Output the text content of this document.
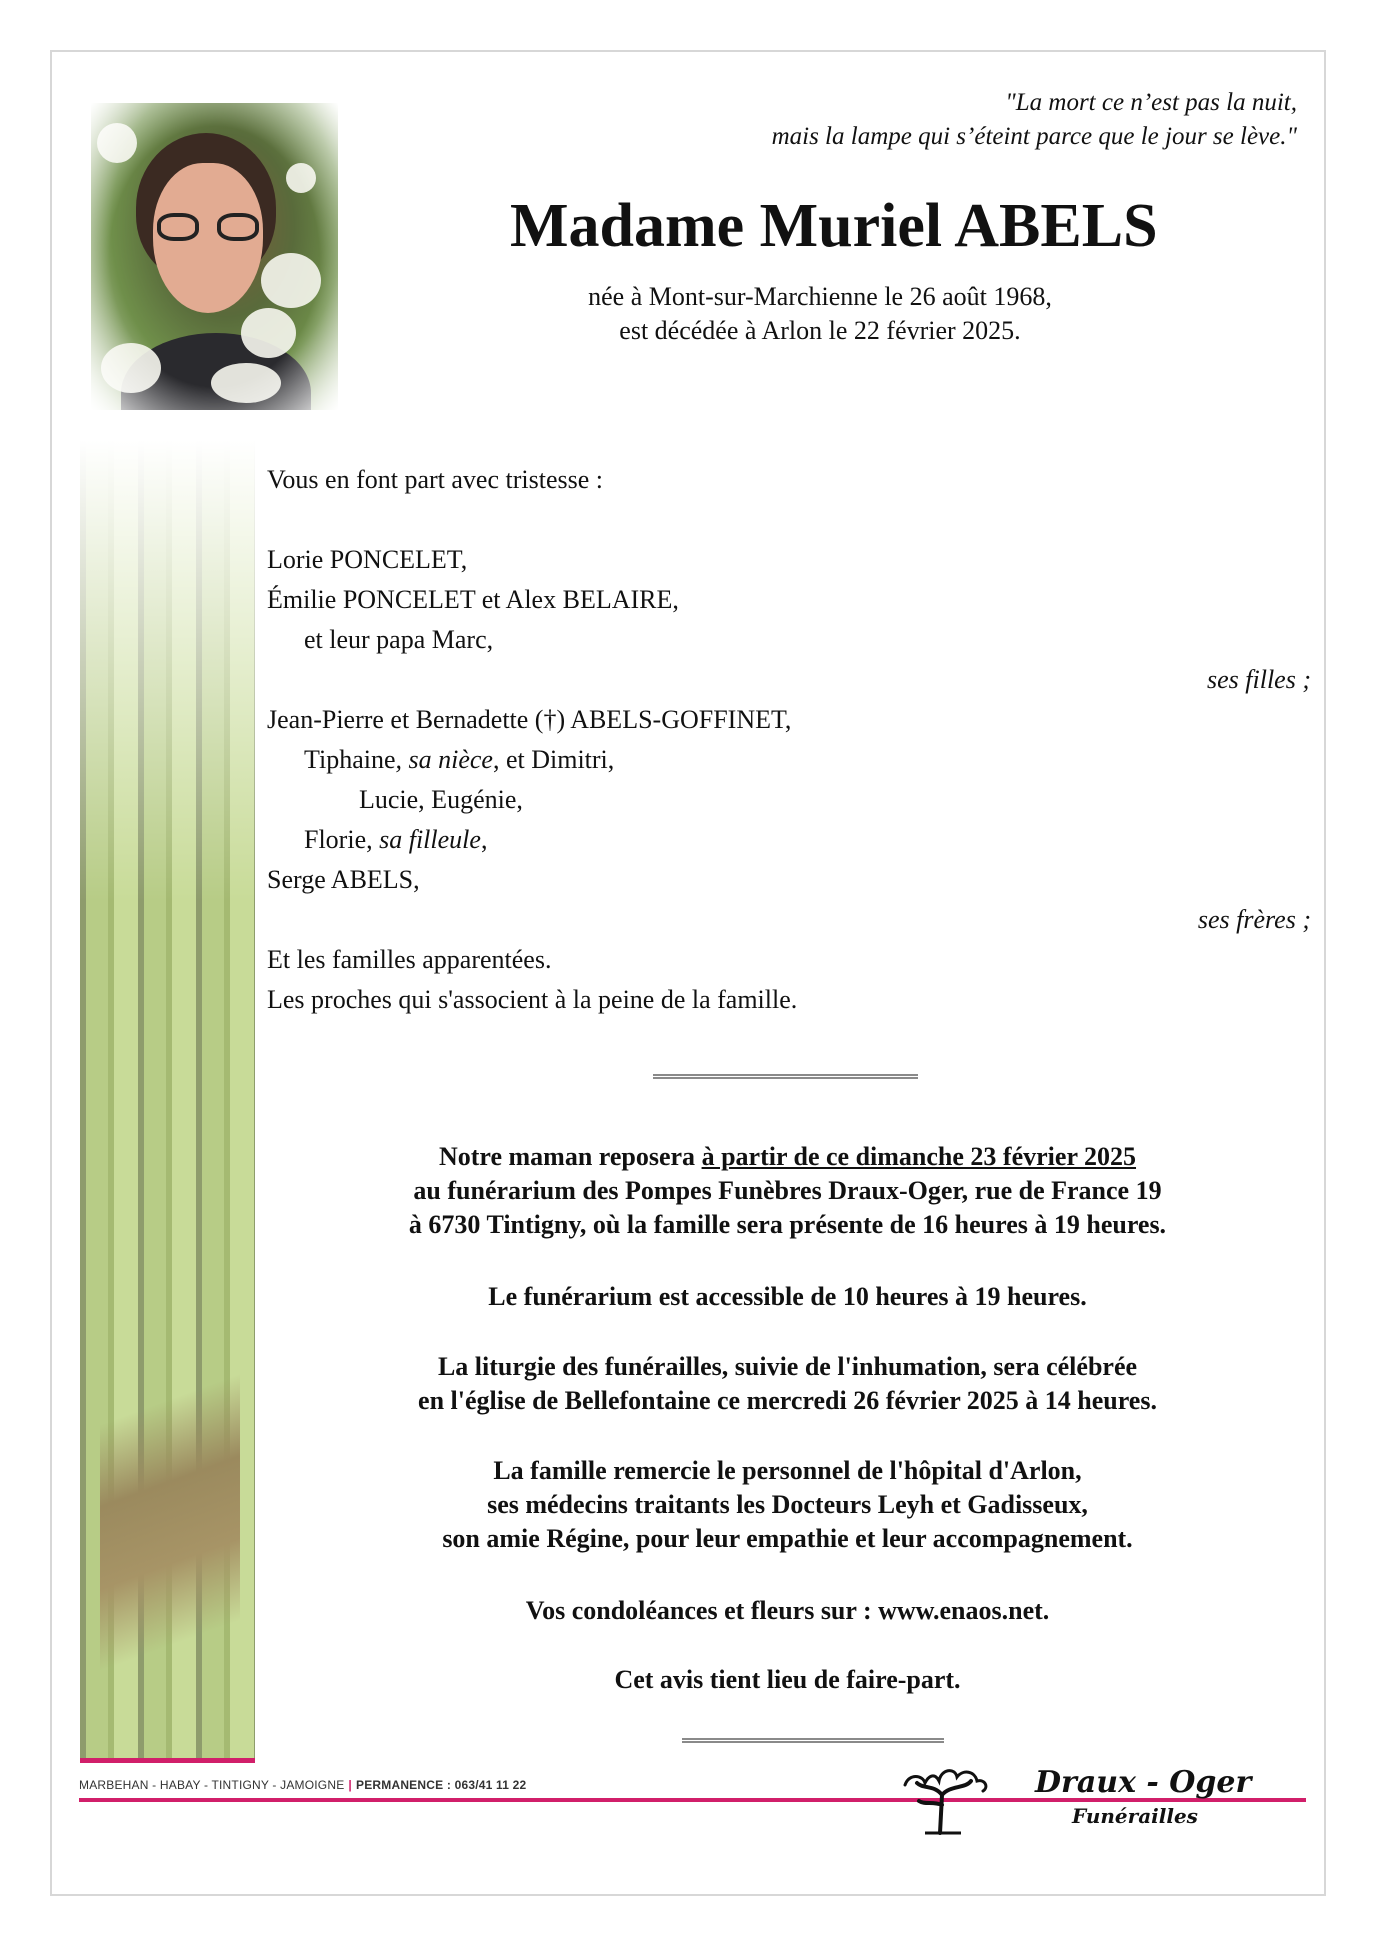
"La mort ce n’est pas la nuit,
mais la lampe qui s’éteint parce que le jour se lève."
Madame Muriel ABELS
née à Mont-sur-Marchienne le 26 août 1968,
est décédée à Arlon le 22 février 2025.
Vous en font part avec tristesse :
Lorie PONCELET,
Émilie PONCELET et Alex BELAIRE,
et leur papa Marc,
ses filles ;
Jean-Pierre et Bernadette (†) ABELS-GOFFINET,
Tiphaine, sa nièce, et Dimitri,
Lucie, Eugénie,
Florie, sa filleule,
Serge ABELS,
ses frères ;
Et les familles apparentées.
Les proches qui s'associent à la peine de la famille.
Notre maman reposera à partir de ce dimanche 23 février 2025
au funérarium des Pompes Funèbres Draux-Oger, rue de France 19
à 6730 Tintigny, où la famille sera présente de 16 heures à 19 heures.
Le funérarium est accessible de 10 heures à 19 heures.
La liturgie des funérailles, suivie de l'inhumation, sera célébrée
en l'église de Bellefontaine ce mercredi 26 février 2025 à 14 heures.
La famille remercie le personnel de l'hôpital d'Arlon,
ses médecins traitants les Docteurs Leyh et Gadisseux,
son amie Régine, pour leur empathie et leur accompagnement.
Vos condoléances et fleurs sur : www.enaos.net.
Cet avis tient lieu de faire-part.
MARBEHAN - HABAY - TINTIGNY - JAMOIGNE | PERMANENCE : 063/41 11 22	Draux - Oger
Funérailles
